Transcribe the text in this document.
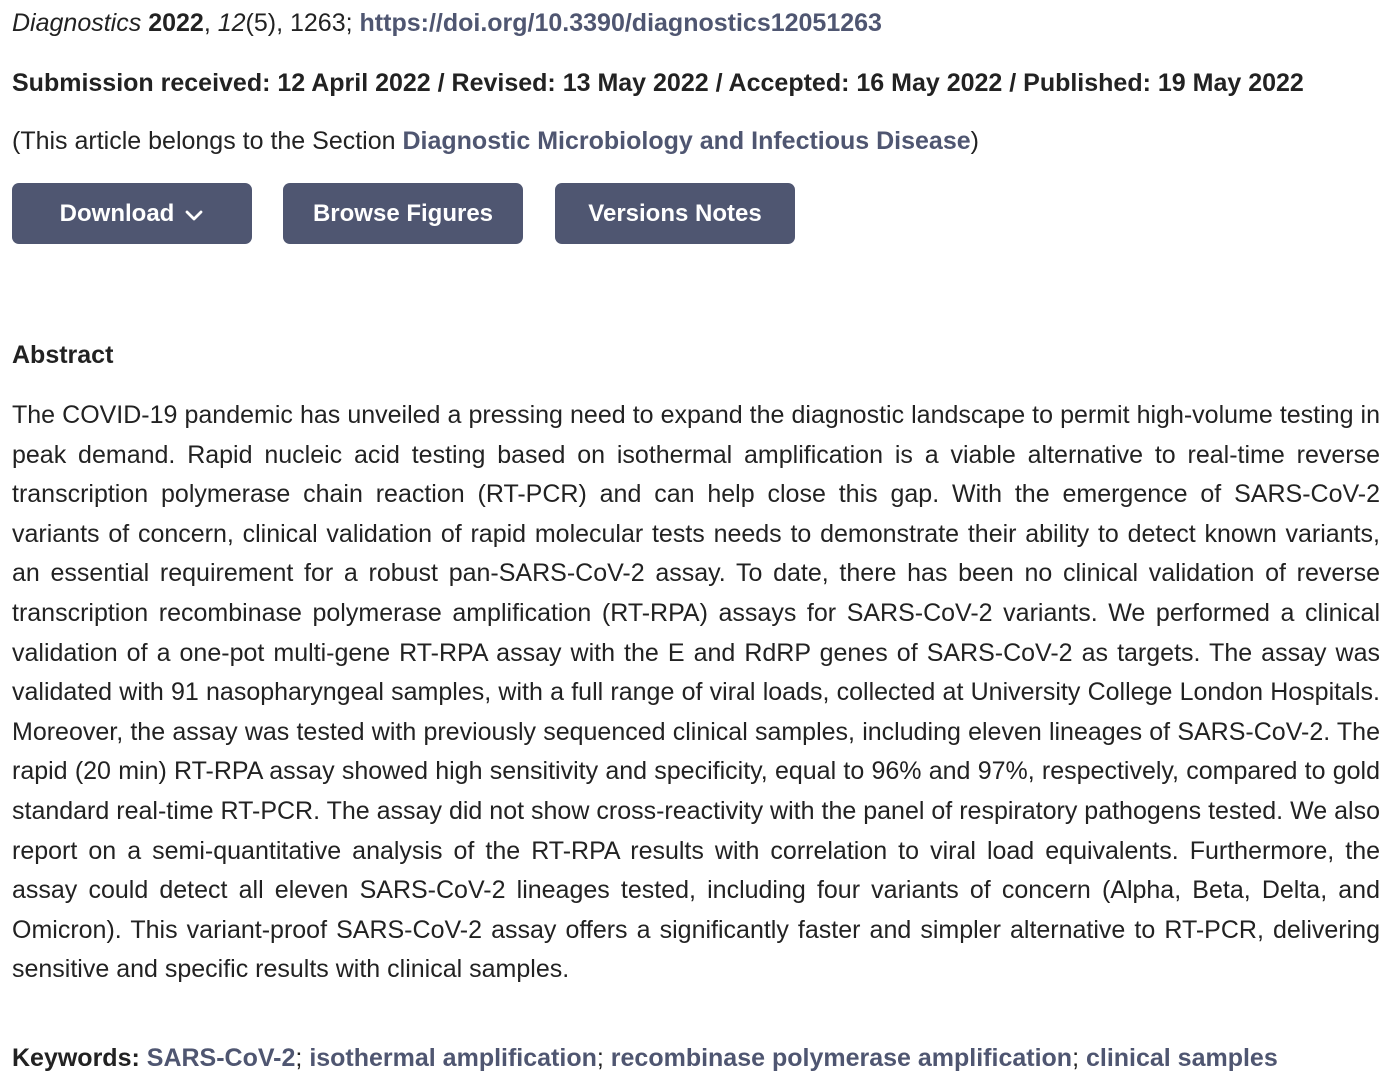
Diagnostics 2022, 12(5), 1263; https://doi.org/10.3390/diagnostics12051263
Submission received: 12 April 2022 / Revised: 13 May 2022 / Accepted: 16 May 2022 / Published: 19 May 2022
(This article belongs to the Section Diagnostic Microbiology and Infectious Disease)
Download	Browse Figures	Versions Notes
Abstract
The COVID-19 pandemic has unveiled a pressing need to expand the diagnostic landscape to permit high-volume testing in peak demand. Rapid nucleic acid testing based on isothermal amplification is a viable alternative to real-time reverse transcription polymerase chain reaction (RT-PCR) and can help close this gap. With the emergence of SARS-CoV-2 variants of concern, clinical validation of rapid molecular tests needs to demonstrate their ability to detect known variants, an essential requirement for a robust pan-SARS-CoV-2 assay. To date, there has been no clinical validation of reverse transcription recombinase polymerase amplification (RT-RPA) assays for SARS-CoV-2 variants. We performed a clinical validation of a one-pot multi-gene RT-RPA assay with the E and RdRP genes of SARS-CoV-2 as targets. The assay was validated with 91 nasopharyngeal samples, with a full range of viral loads, collected at University College London Hospitals. Moreover, the assay was tested with previously sequenced clinical samples, including eleven lineages of SARS-CoV-2. The rapid (20 min) RT-RPA assay showed high sensitivity and specificity, equal to 96% and 97%, respectively, compared to gold standard real-time RT-PCR. The assay did not show cross-reactivity with the panel of respiratory pathogens tested. We also report on a semi-quantitative analysis of the RT-RPA results with correlation to viral load equivalents. Furthermore, the assay could detect all eleven SARS-CoV-2 lineages tested, including four variants of concern (Alpha, Beta, Delta, and Omicron). This variant-proof SARS-CoV-2 assay offers a significantly faster and simpler alternative to RT-PCR, delivering sensitive and specific results with clinical samples.
Keywords: SARS-CoV-2; isothermal amplification; recombinase polymerase amplification; clinical samples
